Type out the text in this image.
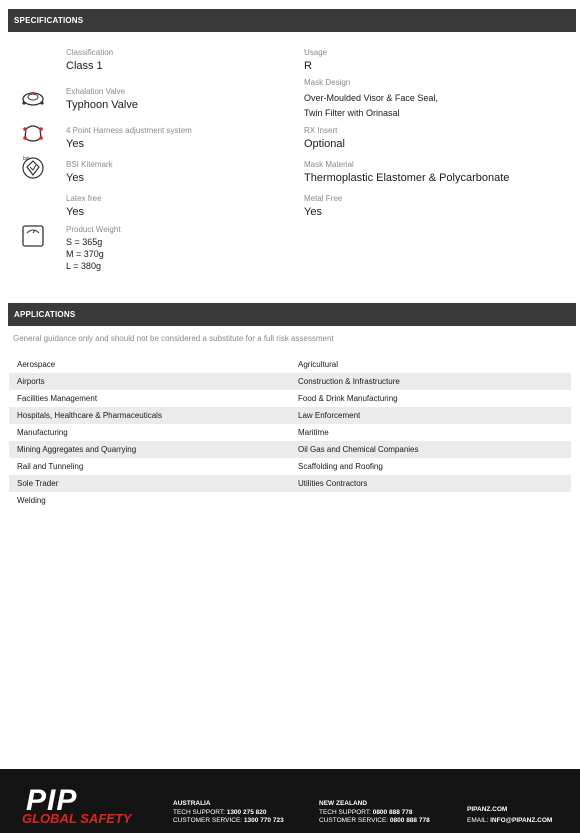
SPECIFICATIONS
Classification
Class 1
Exhalation Valve
Typhoon Valve
4 Point Harness adjustment system
Yes
bsi
BSI Kitemark
Yes
Latex free
Yes
Product Weight
S = 365g
M = 370g
L = 380g
Usage
R
Mask Design
Over-Moulded Visor & Face Seal,
Twin Filter with Orinasal
RX Insert
Optional
Mask Material
Thermoplastic Elastomer & Polycarbonate
Metal Free
Yes
APPLICATIONS
General guidance only and should not be considered a substitute for a full risk assessment
Aerospace	Agricultural
Airports	Construction & Infrastructure
Facilities Management	Food & Drink Manufacturing
Hospitals, Healthcare & Pharmaceuticals	Law Enforcement
Manufacturing	Maritime
Mining Aggregates and Quarrying	Oil Gas and Chemical Companies
Rail and Tunneling	Scaffolding and Roofing
Sole Trader	Utilities Contractors
Welding
PIP
GLOBAL SAFETY
AUSTRALIA
TECH SUPPORT: 1300 275 820
CUSTOMER SERVICE: 1300 770 723
NEW ZEALAND
TECH SUPPORT: 0800 888 778
CUSTOMER SERVICE: 0800 888 778
PIPANZ.COM
EMAIL: INFO@PIPANZ.COM
